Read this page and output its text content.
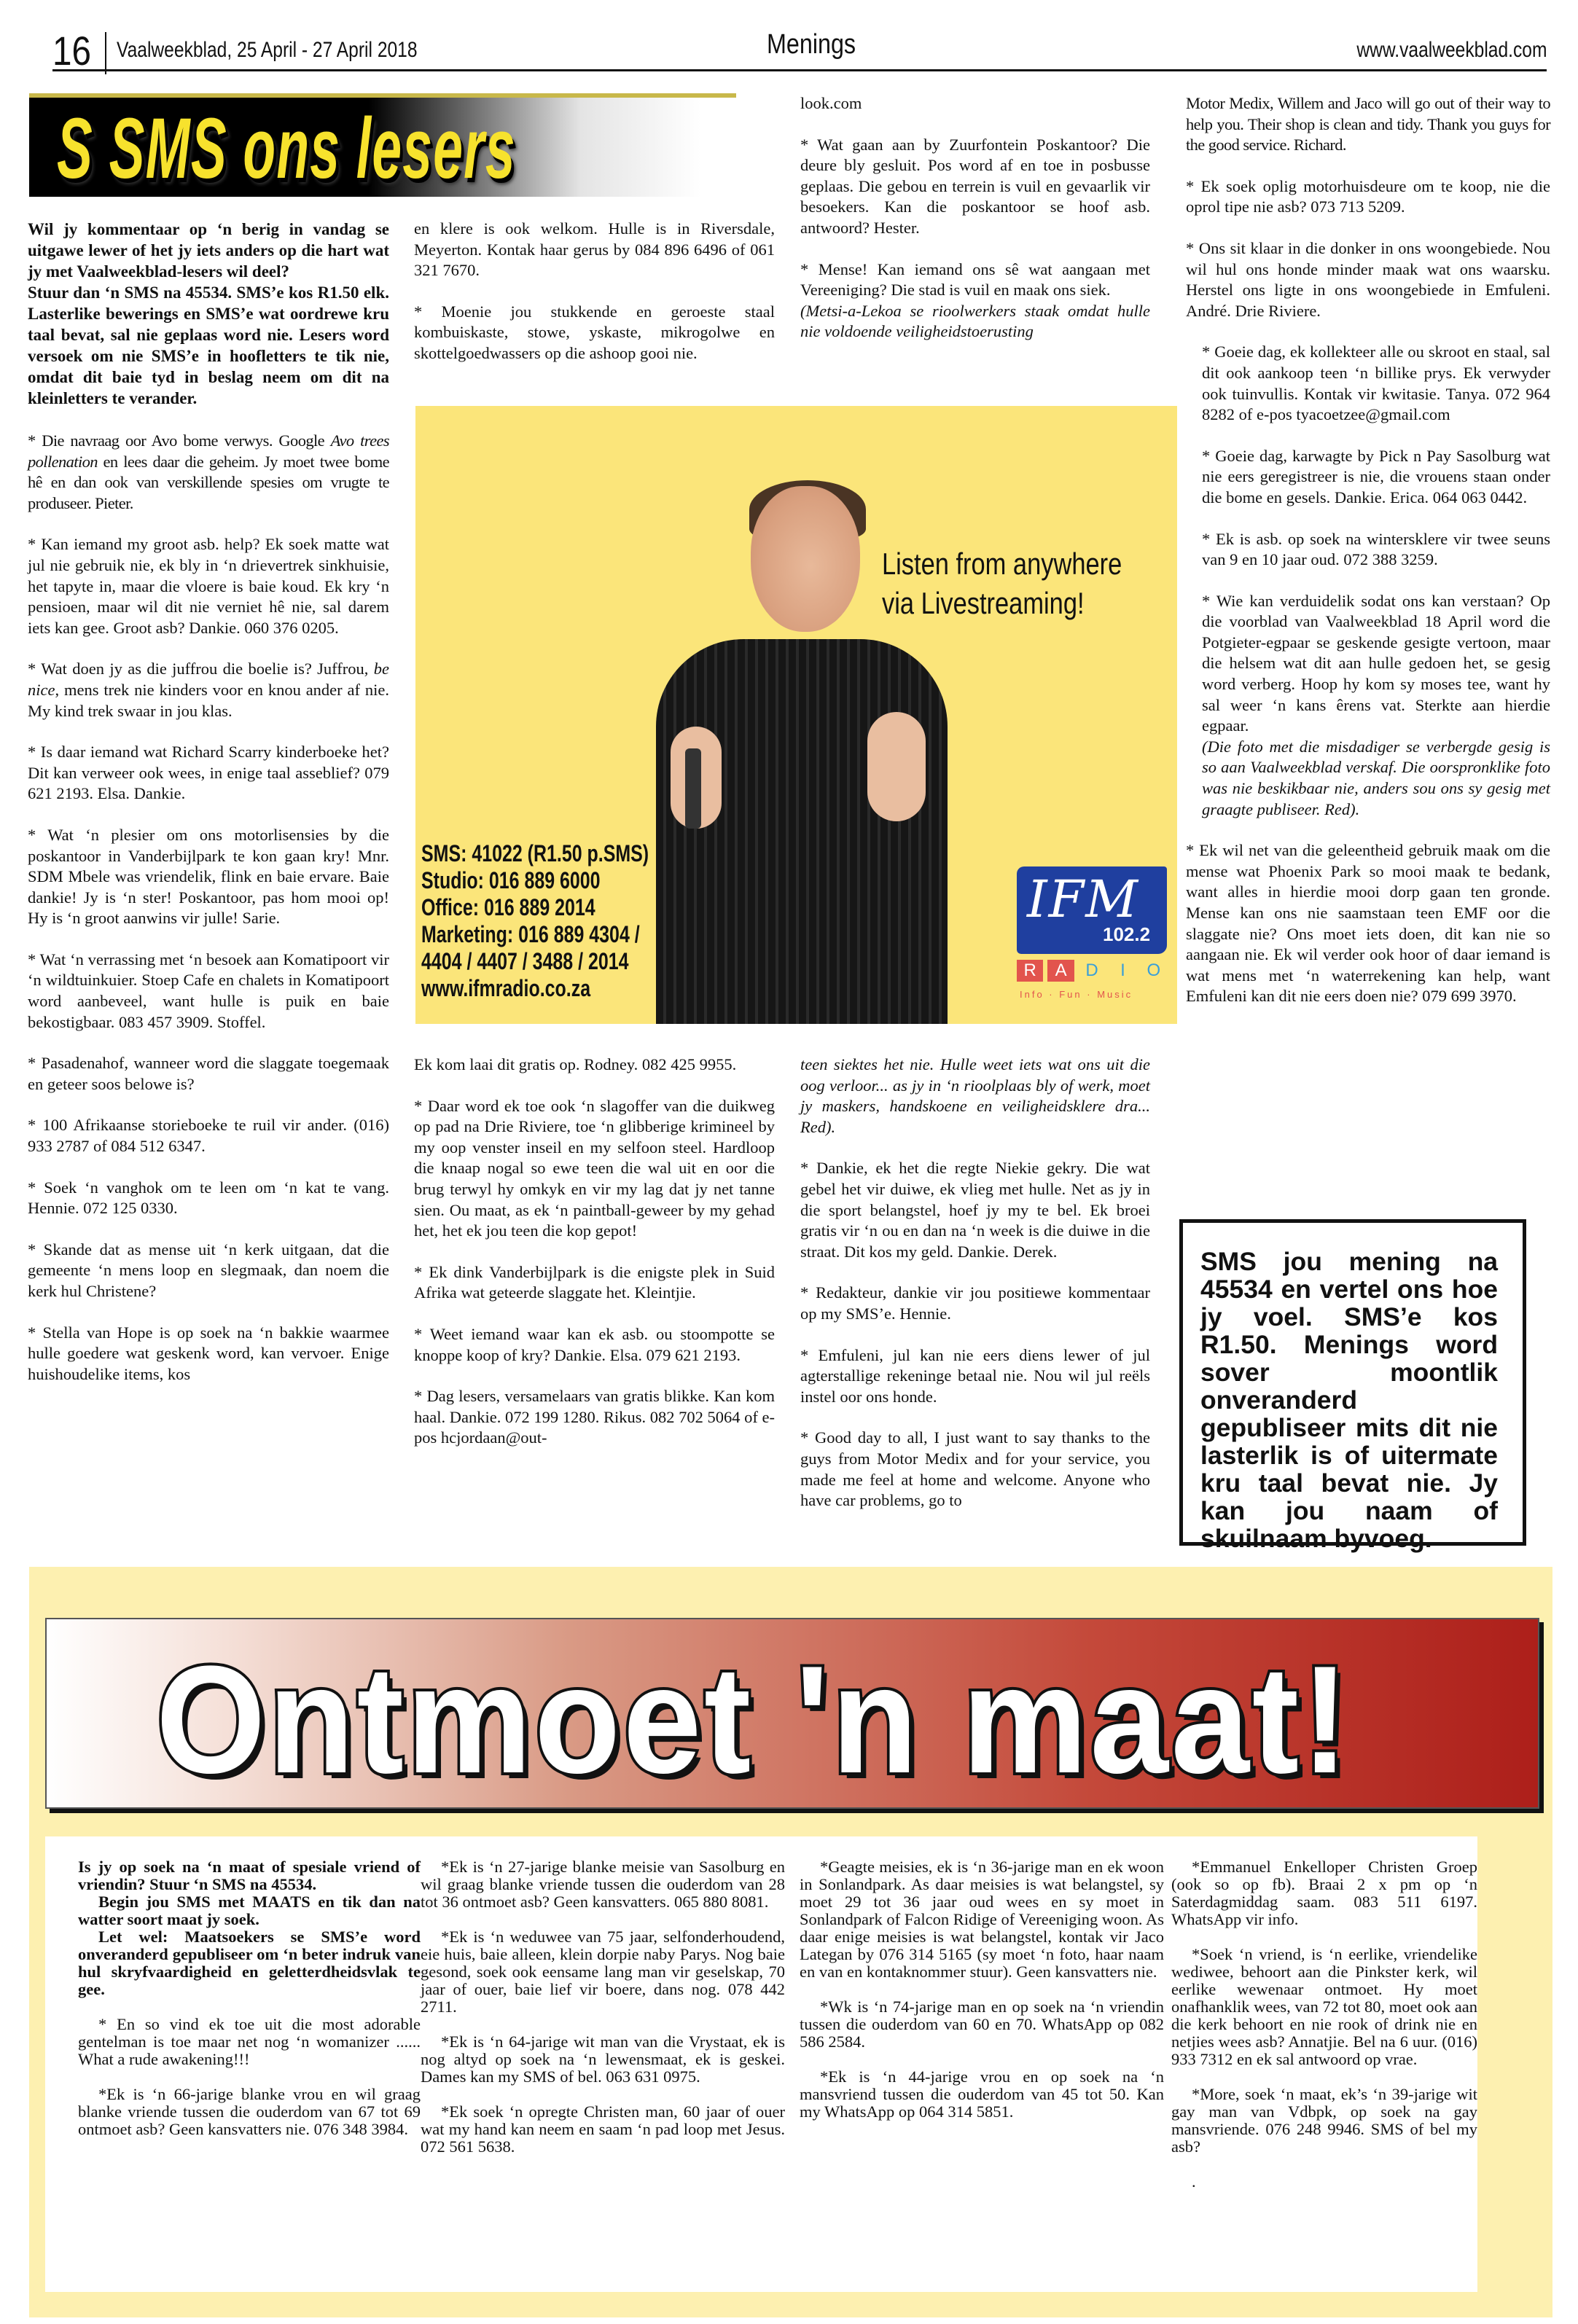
16 Vaalweekblad, 25 April - 27 April 2018	Menings	www.vaalweekblad.com
S SMS ons lesers

Wil jy kommentaar op ‘n berig in vandag se uitgawe lewer of het jy iets anders op die hart wat jy met Vaalweekblad-lesers wil deel?

Stuur dan ‘n SMS na 45534. SMS’e kos R1.50 elk. Lasterlike bewerings en SMS’e wat oordrewe kru taal bevat, sal nie geplaas word nie. Lesers word versoek om nie SMS’e in hoofletters te tik nie, omdat dit baie tyd in beslag neem om dit na kleinletters te verander.

* Die navraag oor Avo bome verwys. Google Avo trees pollenation en lees daar die geheim. Jy moet twee bome hê en dan ook van verskillende spesies om vrugte te produseer. Pieter.

* Kan iemand my groot asb. help? Ek soek matte wat jul nie gebruik nie, ek bly in ‘n drievertrek sinkhuisie, het tapyte in, maar die vloere is baie koud. Ek kry ‘n pensioen, maar wil dit nie verniet hê nie, sal darem iets kan gee. Groot asb? Dankie. 060 376 0205.

* Wat doen jy as die juffrou die boelie is? Juffrou, be nice, mens trek nie kinders voor en knou ander af nie. My kind trek swaar in jou klas.

* Is daar iemand wat Richard Scarry kinderboeke het? Dit kan verweer ook wees, in enige taal asseblief? 079 621 2193. Elsa. Dankie.

* Wat ‘n plesier om ons motorlisensies by die poskantoor in Vanderbijlpark te kon gaan kry! Mnr. SDM Mbele was vriendelik, flink en baie ervare. Baie dankie! Jy is ‘n ster! Poskantoor, pas hom mooi op! Hy is ‘n groot aanwins vir julle! Sarie.

* Wat ‘n verrassing met ‘n besoek aan Komatipoort vir ‘n wildtuinkuier. Stoep Cafe en chalets in Komatipoort word aanbeveel, want hulle is puik en baie bekostigbaar. 083 457 3909. Stoffel.

* Pasadenahof, wanneer word die slaggate toegemaak en geteer soos belowe is?

* 100 Afrikaanse storieboeke te ruil vir ander. (016) 933 2787 of 084 512 6347.

* Soek ‘n vanghok om te leen om ‘n kat te vang. Hennie. 072 125 0330.

* Skande dat as mense uit ‘n kerk uitgaan, dat die gemeente ‘n mens loop en slegmaak, dan noem die kerk hul Christene?

* Stella van Hope is op soek na ‘n bakkie waarmee hulle goedere wat geskenk word, kan vervoer. Enige huishoudelike items, kos

en klere is ook welkom. Hulle is in Riversdale, Meyerton. Kontak haar gerus by 084 896 6496 of 061 321 7670.

* Moenie jou stukkende en geroeste staal kombuiskaste, stowe, yskaste, mikrogolwe en skottelgoedwassers op die ashoop gooi nie.

look.com

* Wat gaan aan by Zuurfontein Poskantoor? Die deure bly gesluit. Pos word af en toe in posbusse geplaas. Die gebou en terrein is vuil en gevaarlik vir besoekers. Kan die poskantoor se hoof asb. antwoord? Hester.

* Mense! Kan iemand ons sê wat aangaan met Vereeniging? Die stad is vuil en maak ons siek.

(Metsi-a-Lekoa se rioolwerkers staak omdat hulle nie voldoende veiligheidstoerusting

Motor Medix, Willem and Jaco will go out of their way to help you. Their shop is clean and tidy. Thank you guys for the good service. Richard.

* Ek soek oplig motorhuisdeure om te koop, nie die oprol tipe nie asb? 073 713 5209.

* Ons sit klaar in die donker in ons woongebiede. Nou wil hul ons honde minder maak wat ons waarsku. Herstel ons ligte in ons woongebiede in Emfuleni. André. Drie Riviere.

* Goeie dag, ek kollekteer alle ou skroot en staal, sal dit ook aankoop teen ‘n billike prys. Ek verwyder ook tuinvullis. Kontak vir kwitasie. Tanya. 072 964 8282 of e-pos tyacoetzee@gmail.com

* Goeie dag, karwagte by Pick n Pay Sasolburg wat nie eers geregistreer is nie, die vrouens staan onder die bome en gesels. Dankie. Erica. 064 063 0442.

* Ek is asb. op soek na wintersklere vir twee seuns van 9 en 10 jaar oud. 072 388 3259.

* Wie kan verduidelik sodat ons kan verstaan? Op die voorblad van Vaalweekblad 18 April word die Potgieter-egpaar se geskende gesigte vertoon, maar die helsem wat dit aan hulle gedoen het, se gesig word verberg. Hoop hy kom sy moses tee, want hy sal weer ‘n kans êrens vat. Sterkte aan hierdie egpaar.

(Die foto met die misdadiger se verbergde gesig is so aan Vaalweekblad verskaf. Die oorspronklike foto was nie beskikbaar nie, anders sou ons sy gesig met graagte publiseer. Red).

* Ek wil net van die geleentheid gebruik maak om die mense wat Phoenix Park so mooi maak te bedank, want alles in hierdie mooi dorp gaan ten gronde. Mense kan ons nie saamstaan teen EMF oor die slaggate nie? Ons moet iets doen, dit kan nie so aangaan nie. Ek wil verder ook hoor of daar iemand is wat mens met ‘n waterrekening kan help, want Emfuleni kan dit nie eers doen nie? 079 699 3970.

Listen from anywhere
via Livestreaming!
SMS: 41022 (R1.50 p.SMS)
Studio: 016 889 6000
Office: 016 889 2014
Marketing: 016 889 4304 /
4404 / 4407 / 3488 / 2014
www.ifmradio.co.za
IFM
102.2
R	A	D	I	O
Info · Fun · Music

Ek kom laai dit gratis op. Rodney. 082 425 9955.

* Daar word ek toe ook ‘n slagoffer van die duikweg op pad na Drie Riviere, toe ‘n glibberige krimineel by my oop venster inseil en my selfoon steel. Hardloop die knaap nogal so ewe teen die wal uit en oor die brug terwyl hy omkyk en vir my lag dat jy net tanne sien. Ou maat, as ek ‘n paintball-geweer by my gehad het, het ek jou teen die kop gepot!

* Ek dink Vanderbijlpark is die enigste plek in Suid Afrika wat geteerde slaggate het. Kleintjie.

* Weet iemand waar kan ek asb. ou stoompotte se knoppe koop of kry? Dankie. Elsa. 079 621 2193.

* Dag lesers, versamelaars van gratis blikke. Kan kom haal. Dankie. 072 199 1280. Rikus. 082 702 5064 of e-pos hcjordaan@out-

teen siektes het nie. Hulle weet iets wat ons uit die oog verloor... as jy in ‘n rioolplaas bly of werk, moet jy maskers, handskoene en veiligheidsklere dra... Red).

* Dankie, ek het die regte Niekie gekry. Die wat gebel het vir duiwe, ek vlieg met hulle. Net as jy in die sport belangstel, hoef jy my te bel. Ek broei gratis vir ‘n ou en dan na ‘n week is die duiwe in die straat. Dit kos my geld. Dankie. Derek.

* Redakteur, dankie vir jou positiewe kommentaar op my SMS’e. Hennie.

* Emfuleni, jul kan nie eers diens lewer of jul agterstallige rekeninge betaal nie. Nou wil jul reëls instel oor ons honde.

* Good day to all, I just want to say thanks to the guys from Motor Medix and for your service, you made me feel at home and welcome. Anyone who have car problems, go to

SMS jou mening na 45534 en vertel ons hoe jy voel. SMS’e kos R1.50. Menings word sover moontlik onveranderd gepubliseer mits dit nie lasterlik is of uitermate kru taal bevat nie. Jy kan jou naam of skuilnaam byvoeg.
Ontmoet 'n maat!

Is jy op soek na ‘n maat of spesiale vriend of vriendin? Stuur ‘n SMS na 45534.

Begin jou SMS met MAATS en tik dan na watter soort maat jy soek.

Let wel: Maatsoekers se SMS’e word onveranderd gepubliseer om ‘n beter indruk van hul skryfvaardigheid en geletterdheidsvlak te gee.

* En so vind ek toe uit die most adorable gentelman is toe maar net nog ‘n womanizer ...... What a rude awakening!!!

*Ek is ‘n 66-jarige blanke vrou en wil graag blanke vriende tussen die ouderdom van 67 tot 69 ontmoet asb? Geen kansvatters nie. 076 348 3984.

*Ek is ‘n 27-jarige blanke meisie van Sasolburg en wil graag blanke vriende tussen die ouderdom van 28 tot 36 ontmoet asb? Geen kansvatters. 065 880 8081.

*Ek is ‘n weduwee van 75 jaar, selfonderhoudend, eie huis, baie alleen, klein dorpie naby Parys. Nog baie gesond, soek ook eensame lang man vir geselskap, 70 jaar of ouer, baie lief vir boere, dans nog. 078 442 2711.

*Ek is ‘n 64-jarige wit man van die Vrystaat, ek is nog altyd op soek na ‘n lewensmaat, ek is geskei. Dames kan my SMS of bel. 063 631 0975.

*Ek soek ‘n opregte Christen man, 60 jaar of ouer wat my hand kan neem en saam ‘n pad loop met Jesus. 072 561 5638.

*Geagte meisies, ek is ‘n 36-jarige man en ek woon in Sonlandpark. As daar meisies is wat belangstel, sy moet 29 tot 36 jaar oud wees en sy moet in Sonlandpark of Falcon Ridige of Vereeniging woon. As daar enige meisies is wat belangstel, kontak vir Jaco Lategan by 076 314 5165 (sy moet ‘n foto, haar naam en van en kontaknommer stuur). Geen kansvatters nie.

*Wk is ‘n 74-jarige man en op soek na ‘n vriendin tussen die ouderdom van 60 en 70. WhatsApp op 082 586 2584.

*Ek is ‘n 44-jarige vrou en op soek na ‘n mansvriend tussen die ouderdom van 45 tot 50. Kan my WhatsApp op 064 314 5851.

*Emmanuel Enkelloper Christen Groep (ook so op fb). Braai 2 x pm op ‘n Saterdagmiddag saam. 083 511 6197. WhatsApp vir info.

*Soek ‘n vriend, is ‘n eerlike, vriendelike wediwee, behoort aan die Pinkster kerk, wil eerlike wewenaar ontmoet. Hy moet onafhanklik wees, van 72 tot 80, moet ook aan die kerk behoort en nie rook of drink nie en netjies wees asb? Annatjie. Bel na 6 uur. (016) 933 7312 en ek sal antwoord op vrae.

*More, soek ‘n maat, ek’s ‘n 39-jarige wit gay man van Vdbpk, op soek na gay mansvriende. 076 248 9946. SMS of bel my asb?

.
